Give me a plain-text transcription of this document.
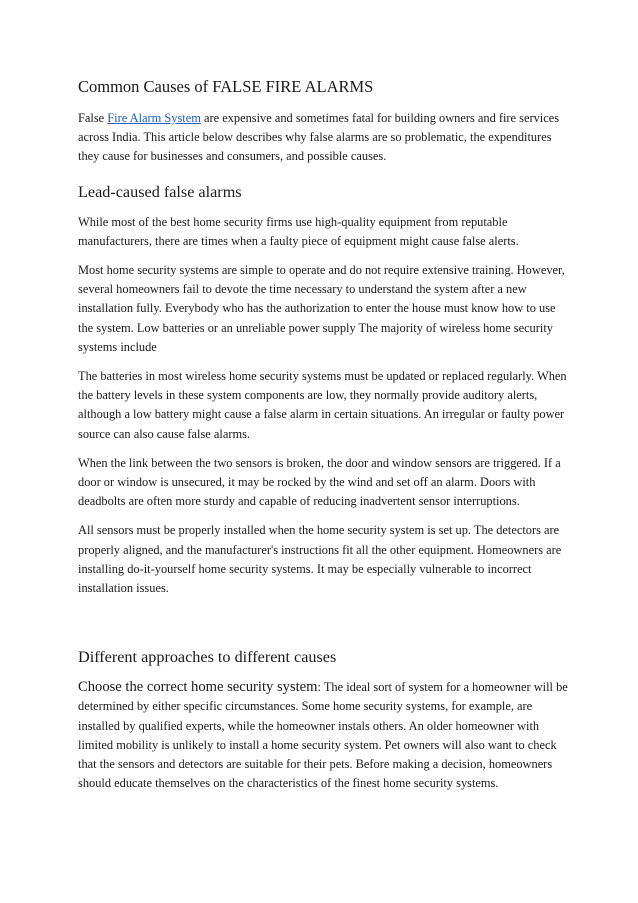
Common Causes of FALSE FIRE ALARMS

False Fire Alarm System are expensive and sometimes fatal for building owners and fire services across India. This article below describes why false alarms are so problematic, the expenditures they cause for businesses and consumers, and possible causes.

Lead-caused false alarms

While most of the best home security firms use high-quality equipment from reputable manufacturers, there are times when a faulty piece of equipment might cause false alerts.

Most home security systems are simple to operate and do not require extensive training. However, several homeowners fail to devote the time necessary to understand the system after a new installation fully. Everybody who has the authorization to enter the house must know how to use the system. Low batteries or an unreliable power supply The majority of wireless home security systems include

The batteries in most wireless home security systems must be updated or replaced regularly. When the battery levels in these system components are low, they normally provide auditory alerts, although a low battery might cause a false alarm in certain situations. An irregular or faulty power source can also cause false alarms.

When the link between the two sensors is broken, the door and window sensors are triggered. If a door or window is unsecured, it may be rocked by the wind and set off an alarm. Doors with deadbolts are often more sturdy and capable of reducing inadvertent sensor interruptions.

All sensors must be properly installed when the home security system is set up. The detectors are properly aligned, and the manufacturer's instructions fit all the other equipment. Homeowners are installing do-it-yourself home security systems. It may be especially vulnerable to incorrect installation issues.

Different approaches to different causes

Choose the correct home security system: The ideal sort of system for a homeowner will be determined by either specific circumstances. Some home security systems, for example, are installed by qualified experts, while the homeowner instals others. An older homeowner with limited mobility is unlikely to install a home security system. Pet owners will also want to check that the sensors and detectors are suitable for their pets. Before making a decision, homeowners should educate themselves on the characteristics of the finest home security systems.
